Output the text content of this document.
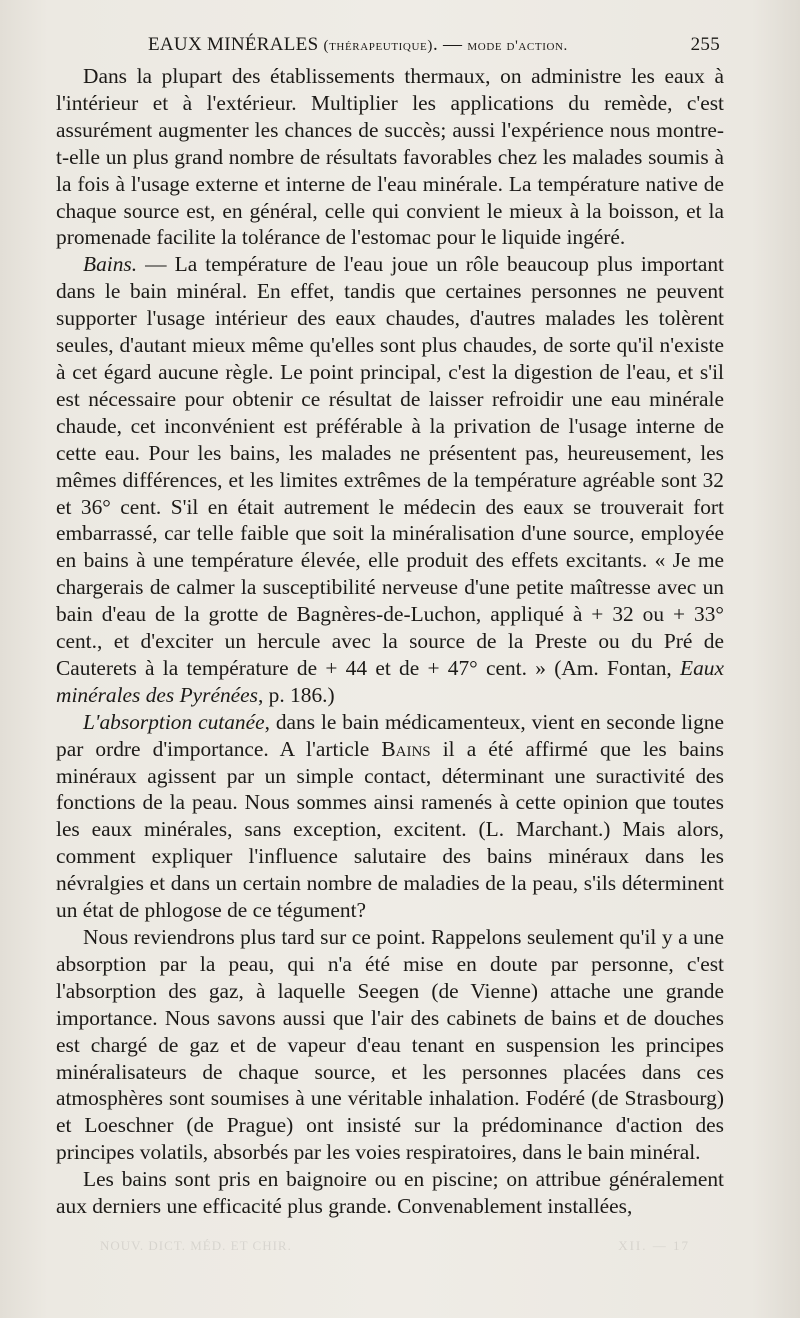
EAUX MINÉRALES (thérapeutique). — mode d'action.	255

Dans la plupart des établissements thermaux, on administre les eaux à l'intérieur et à l'extérieur. Multiplier les applications du remède, c'est assurément augmenter les chances de succès; aussi l'expérience nous montre-t-elle un plus grand nombre de résultats favorables chez les malades soumis à la fois à l'usage externe et interne de l'eau minérale. La température native de chaque source est, en général, celle qui convient le mieux à la boisson, et la promenade facilite la tolérance de l'estomac pour le liquide ingéré.

Bains. — La température de l'eau joue un rôle beaucoup plus important dans le bain minéral. En effet, tandis que certaines personnes ne peuvent supporter l'usage intérieur des eaux chaudes, d'autres malades les tolèrent seules, d'autant mieux même qu'elles sont plus chaudes, de sorte qu'il n'existe à cet égard aucune règle. Le point principal, c'est la digestion de l'eau, et s'il est nécessaire pour obtenir ce résultat de laisser refroidir une eau minérale chaude, cet inconvénient est préférable à la privation de l'usage interne de cette eau. Pour les bains, les malades ne présentent pas, heureusement, les mêmes différences, et les limites extrêmes de la température agréable sont 32 et 36° cent. S'il en était autrement le médecin des eaux se trouverait fort embarrassé, car telle faible que soit la minéralisation d'une source, employée en bains à une température élevée, elle produit des effets excitants. « Je me chargerais de calmer la susceptibilité nerveuse d'une petite maîtresse avec un bain d'eau de la grotte de Bagnères-de-Luchon, appliqué à + 32 ou + 33° cent., et d'exciter un hercule avec la source de la Preste ou du Pré de Cauterets à la température de + 44 et de + 47° cent. » (Am. Fontan, Eaux minérales des Pyrénées, p. 186.)

L'absorption cutanée, dans le bain médicamenteux, vient en seconde ligne par ordre d'importance. A l'article Bains il a été affirmé que les bains minéraux agissent par un simple contact, déterminant une suractivité des fonctions de la peau. Nous sommes ainsi ramenés à cette opinion que toutes les eaux minérales, sans exception, excitent. (L. Marchant.) Mais alors, comment expliquer l'influence salutaire des bains minéraux dans les névralgies et dans un certain nombre de maladies de la peau, s'ils déterminent un état de phlogose de ce tégument?

Nous reviendrons plus tard sur ce point. Rappelons seulement qu'il y a une absorption par la peau, qui n'a été mise en doute par personne, c'est l'absorption des gaz, à laquelle Seegen (de Vienne) attache une grande importance. Nous savons aussi que l'air des cabinets de bains et de douches est chargé de gaz et de vapeur d'eau tenant en suspension les principes minéralisateurs de chaque source, et les personnes placées dans ces atmosphères sont soumises à une véritable inhalation. Fodéré (de Strasbourg) et Loeschner (de Prague) ont insisté sur la prédominance d'action des principes volatils, absorbés par les voies respiratoires, dans le bain minéral.

Les bains sont pris en baignoire ou en piscine; on attribue généralement aux derniers une efficacité plus grande. Convenablement installées,

NOUV. DICT. MÉD. ET CHIR.	XII. — 17
